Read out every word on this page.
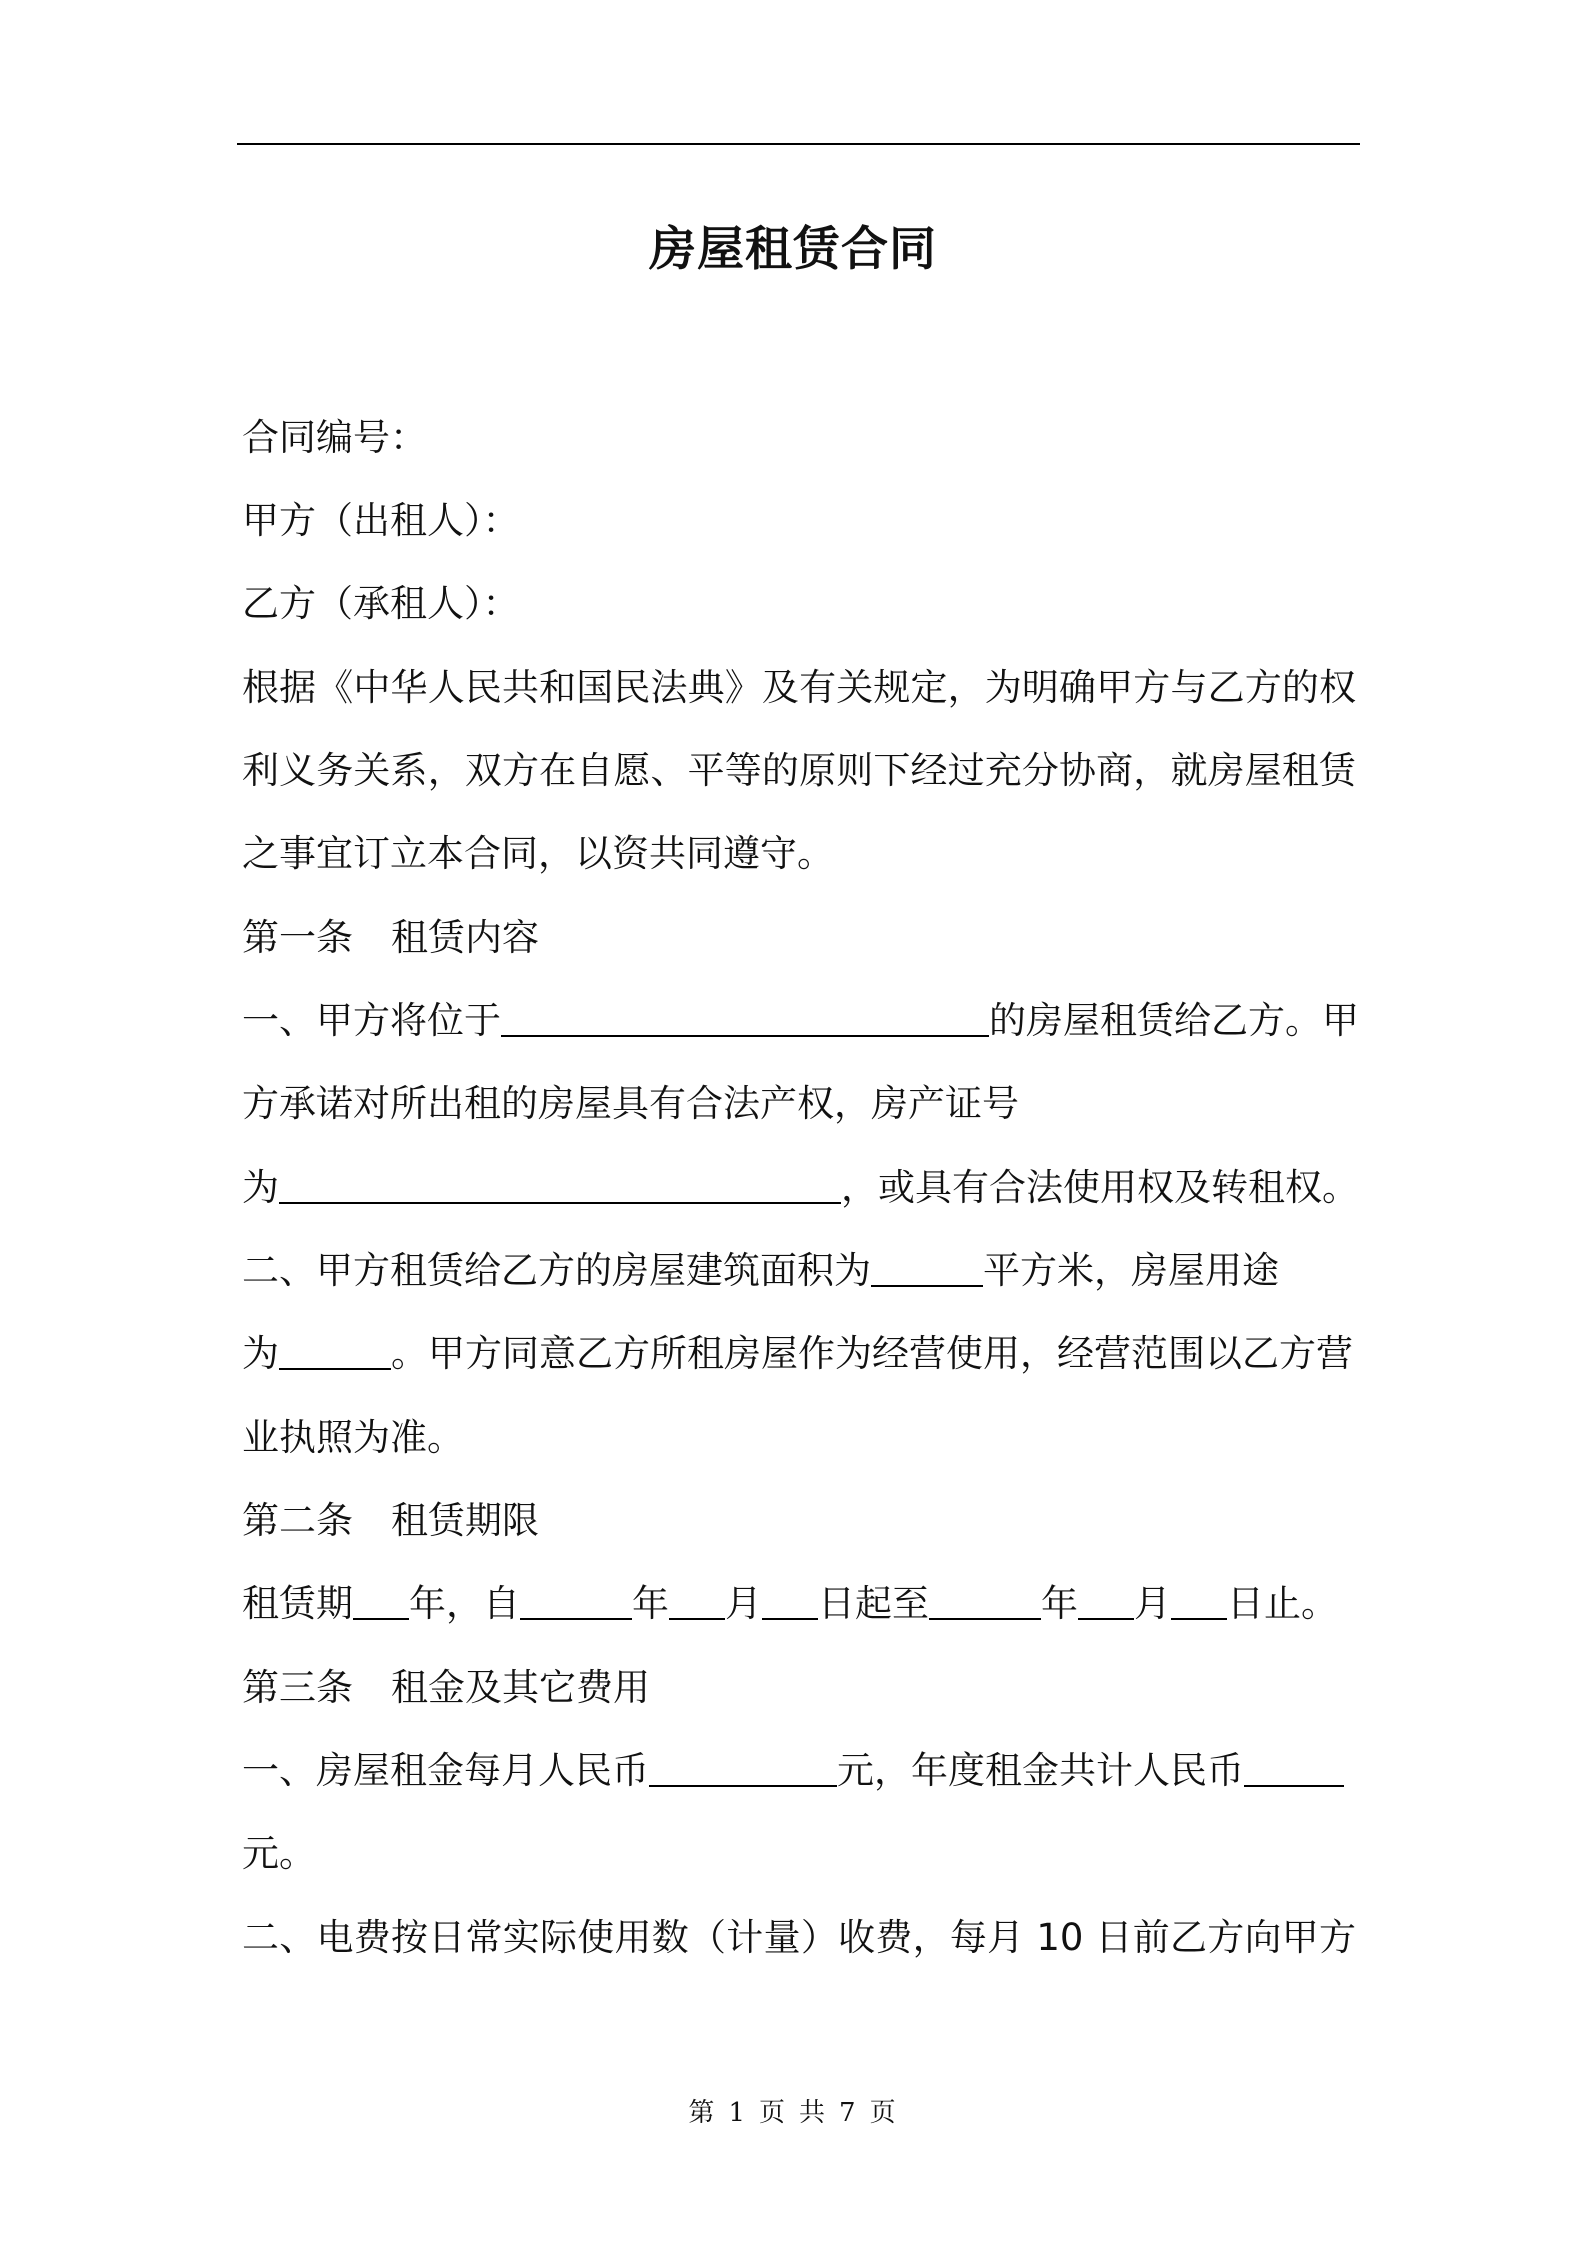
房屋租赁合同
合同编号：
甲方（出租人）：
乙方（承租人）：
根据《中华人民共和国民法典》及有关规定，为明确甲方与乙方的权
利义务关系，双方在自愿、平等的原则下经过充分协商，就房屋租赁
之事宜订立本合同，以资共同遵守。
第一条 租赁内容
一、甲方将位于	的房屋租赁给乙方。甲
方承诺对所出租的房屋具有合法产权，房产证号
为	，或具有合法使用权及转租权。
二、甲方租赁给乙方的房屋建筑面积为	平方米，房屋用途
为	。甲方同意乙方所租房屋作为经营使用，经营范围以乙方营
业执照为准。
第二条 租赁期限
租赁期 年，自	年 月 日起至	年 月 日止。
第三条 租金及其它费用
一、房屋租金每月人民币	元，年度租金共计人民币
元。
二、电费按日常实际使用数（计量）收费，每月 10 日前乙方向甲方
第 1 页 共 7 页
